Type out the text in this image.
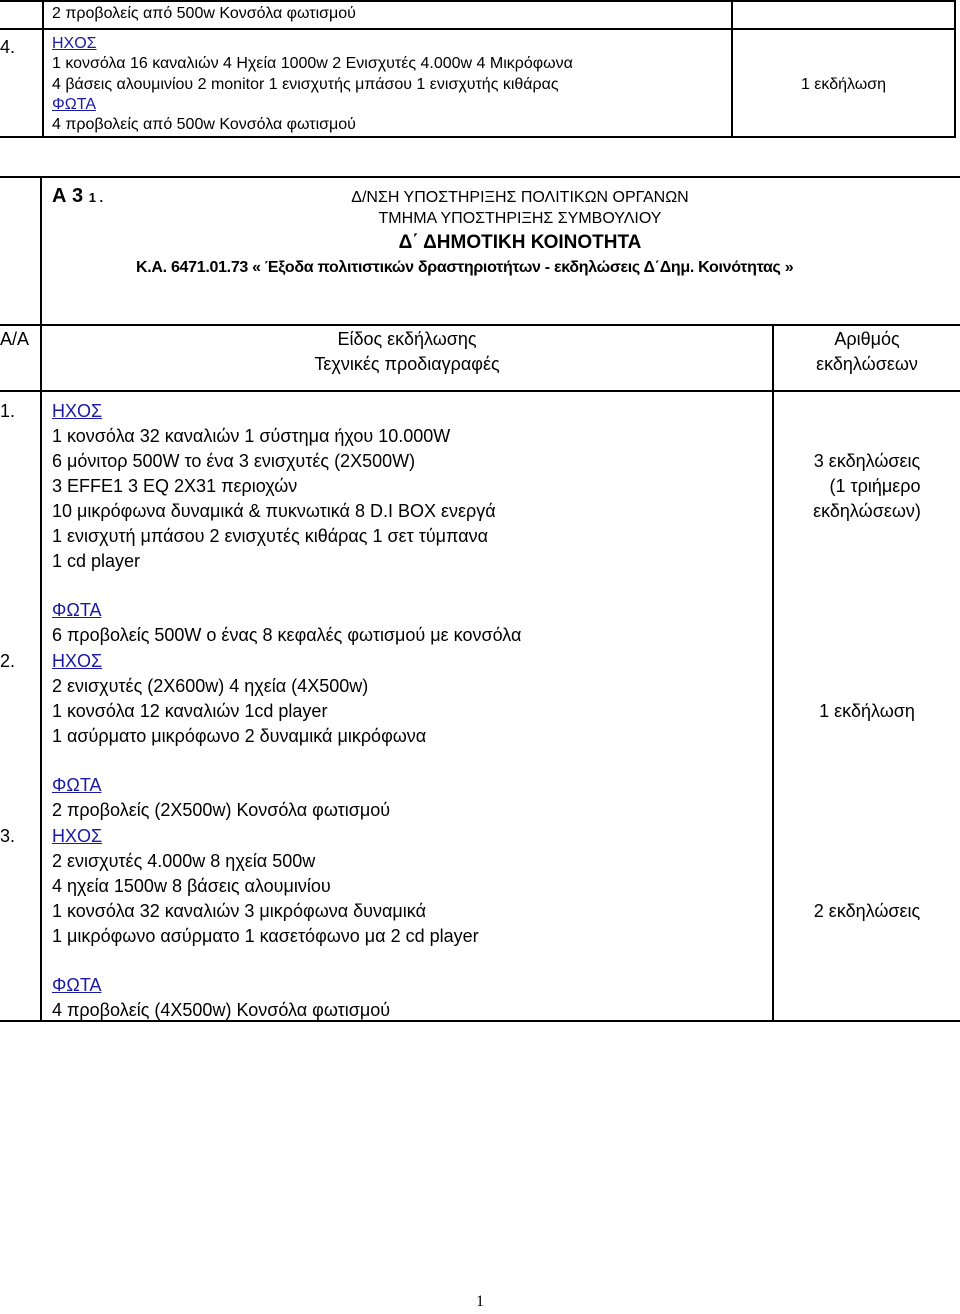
2 προβολείς από 500w Κονσόλα φωτισμού
4. ΗΧΟΣ
1 κονσόλα 16 καναλιών 4 Ηχεία 1000w 2 Ενισχυτές 4.000w 4 Μικρόφωνα
4 βάσεις αλουμινίου 2 monitor 1 ενισχυτής μπάσου 1 ενισχυτής κιθάρας
ΦΩΤΑ
4 προβολείς από 500w Κονσόλα φωτισμού
1 εκδήλωση
Α 3 1 .	Δ/ΝΣΗ ΥΠΟΣΤΗΡΙΞΗΣ ΠΟΛΙΤΙΚΩΝ ΟΡΓΑΝΩΝ
ΤΜΗΜΑ ΥΠΟΣΤΗΡΙΞΗΣ ΣΥΜΒΟΥΛΙΟΥ
Δ΄ ΔΗΜΟΤΙΚΗ ΚΟΙΝΟΤΗΤΑ
Κ.Α. 6471.01.73 « Έξοδα πολιτιστικών δραστηριοτήτων - εκδηλώσεις Δ΄Δημ. Κοινότητας »
Α/Α	Είδος εκδήλωσης
Τεχνικές προδιαγραφές
Αριθμός
εκδηλώσεων
1. ΗΧΟΣ
1 κονσόλα 32 καναλιών 1 σύστημα ήχου 10.000W
6 μόνιτορ 500W το ένα 3 ενισχυτές (2Χ500W)
3 EFFE1 3 EQ 2X31 περιοχών
10 μικρόφωνα δυναμικά & πυκνωτικά 8 D.I BOX ενεργά
1 ενισχυτή μπάσου 2 ενισχυτές κιθάρας 1 σετ τύμπανα
1 cd player
ΦΩΤΑ
6 προβολείς 500W ο ένας 8 κεφαλές φωτισμού με κονσόλα
3 εκδηλώσεις
(1 τριήμερο
εκδηλώσεων)
2. ΗΧΟΣ
2 ενισχυτές (2Χ600w) 4 ηχεία (4Χ500w)
1 κονσόλα 12 καναλιών 1cd player
1 ασύρματο μικρόφωνο 2 δυναμικά μικρόφωνα
ΦΩΤΑ
2 προβολείς (2Χ500w) Κονσόλα φωτισμού
1 εκδήλωση
3. ΗΧΟΣ
2 ενισχυτές 4.000w 8 ηχεία 500w
4 ηχεία 1500w 8 βάσεις αλουμινίου
1 κονσόλα 32 καναλιών 3 μικρόφωνα δυναμικά
1 μικρόφωνο ασύρματο 1 κασετόφωνο μα 2 cd player
ΦΩΤΑ
4 προβολείς (4Χ500w) Κονσόλα φωτισμού
2 εκδηλώσεις
1
